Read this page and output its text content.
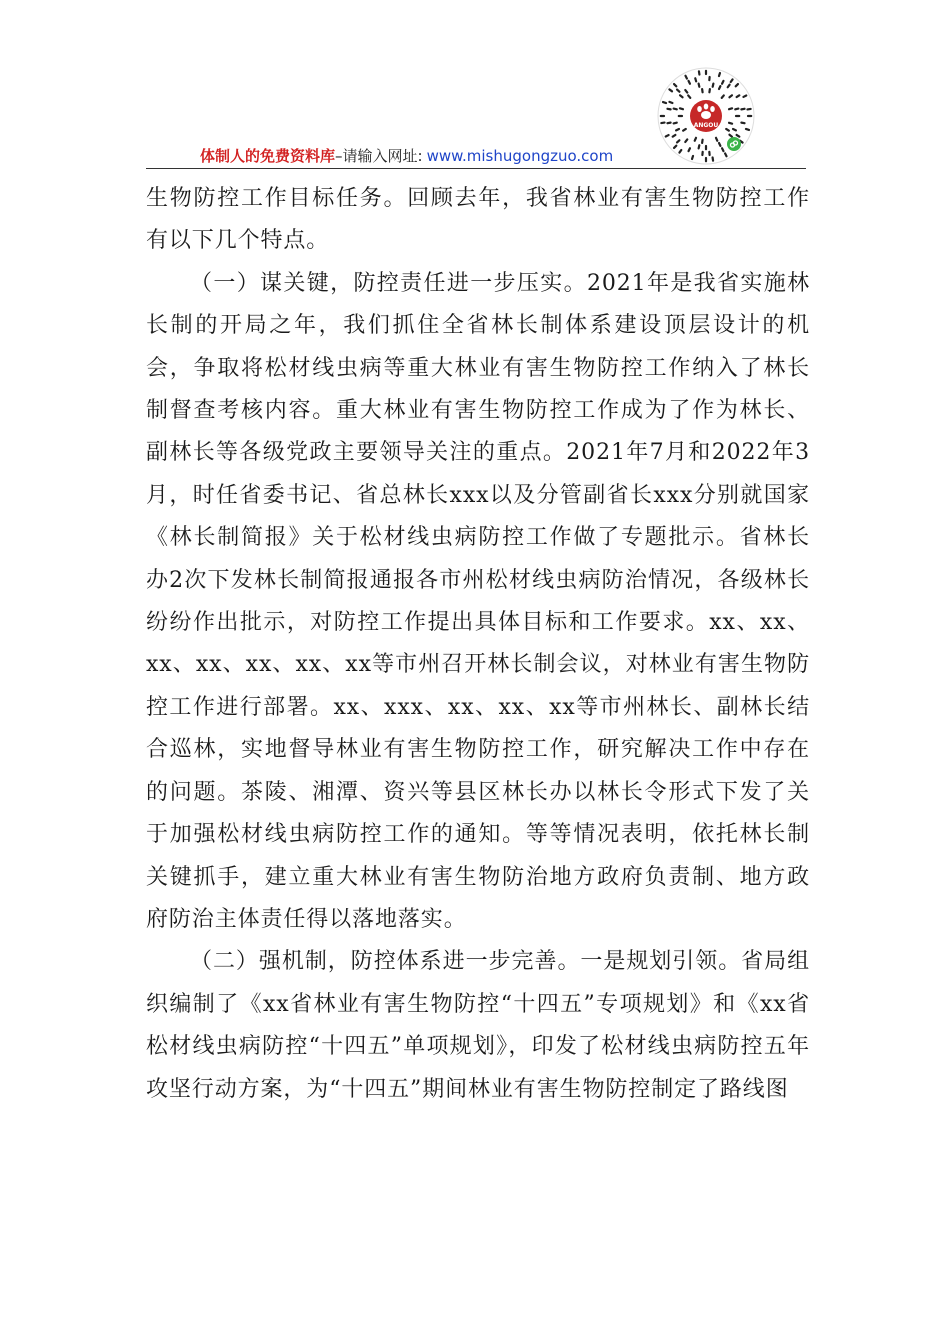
ANGOU
体制人的免费资料库–请输入网址: www.mishugongzuo.com

生物防控工作目标任务。回顾去年，我省林业有害生物防控工作有以下几个特点。

（一）谋关键，防控责任进一步压实。2021年是我省实施林长制的开局之年，我们抓住全省林长制体系建设顶层设计的机会，争取将松材线虫病等重大林业有害生物防控工作纳入了林长制督查考核内容。重大林业有害生物防控工作成为了作为林长、副林长等各级党政主要领导关注的重点。2021年7月和2022年3月，时任省委书记、省总林长xxx以及分管副省长xxx分别就国家《林长制简报》关于松材线虫病防控工作做了专题批示。省林长办2次下发林长制简报通报各市州松材线虫病防治情况，各级林长纷纷作出批示，对防控工作提出具体目标和工作要求。xx、xx、xx、xx、xx、xx、xx等市州召开林长制会议，对林业有害生物防控工作进行部署。xx、xxx、xx、xx、xx等市州林长、副林长结合巡林，实地督导林业有害生物防控工作，研究解决工作中存在的问题。茶陵、湘潭、资兴等县区林长办以林长令形式下发了关于加强松材线虫病防控工作的通知。等等情况表明，依托林长制关键抓手，建立重大林业有害生物防治地方政府负责制、地方政府防治主体责任得以落地落实。

（二）强机制，防控体系进一步完善。一是规划引领。省局组织编制了《xx省林业有害生物防控“十四五”专项规划》和《xx省松材线虫病防控“十四五”单项规划》，印发了松材线虫病防控五年攻坚行动方案，为“十四五”期间林业有害生物防控制定了路线图
